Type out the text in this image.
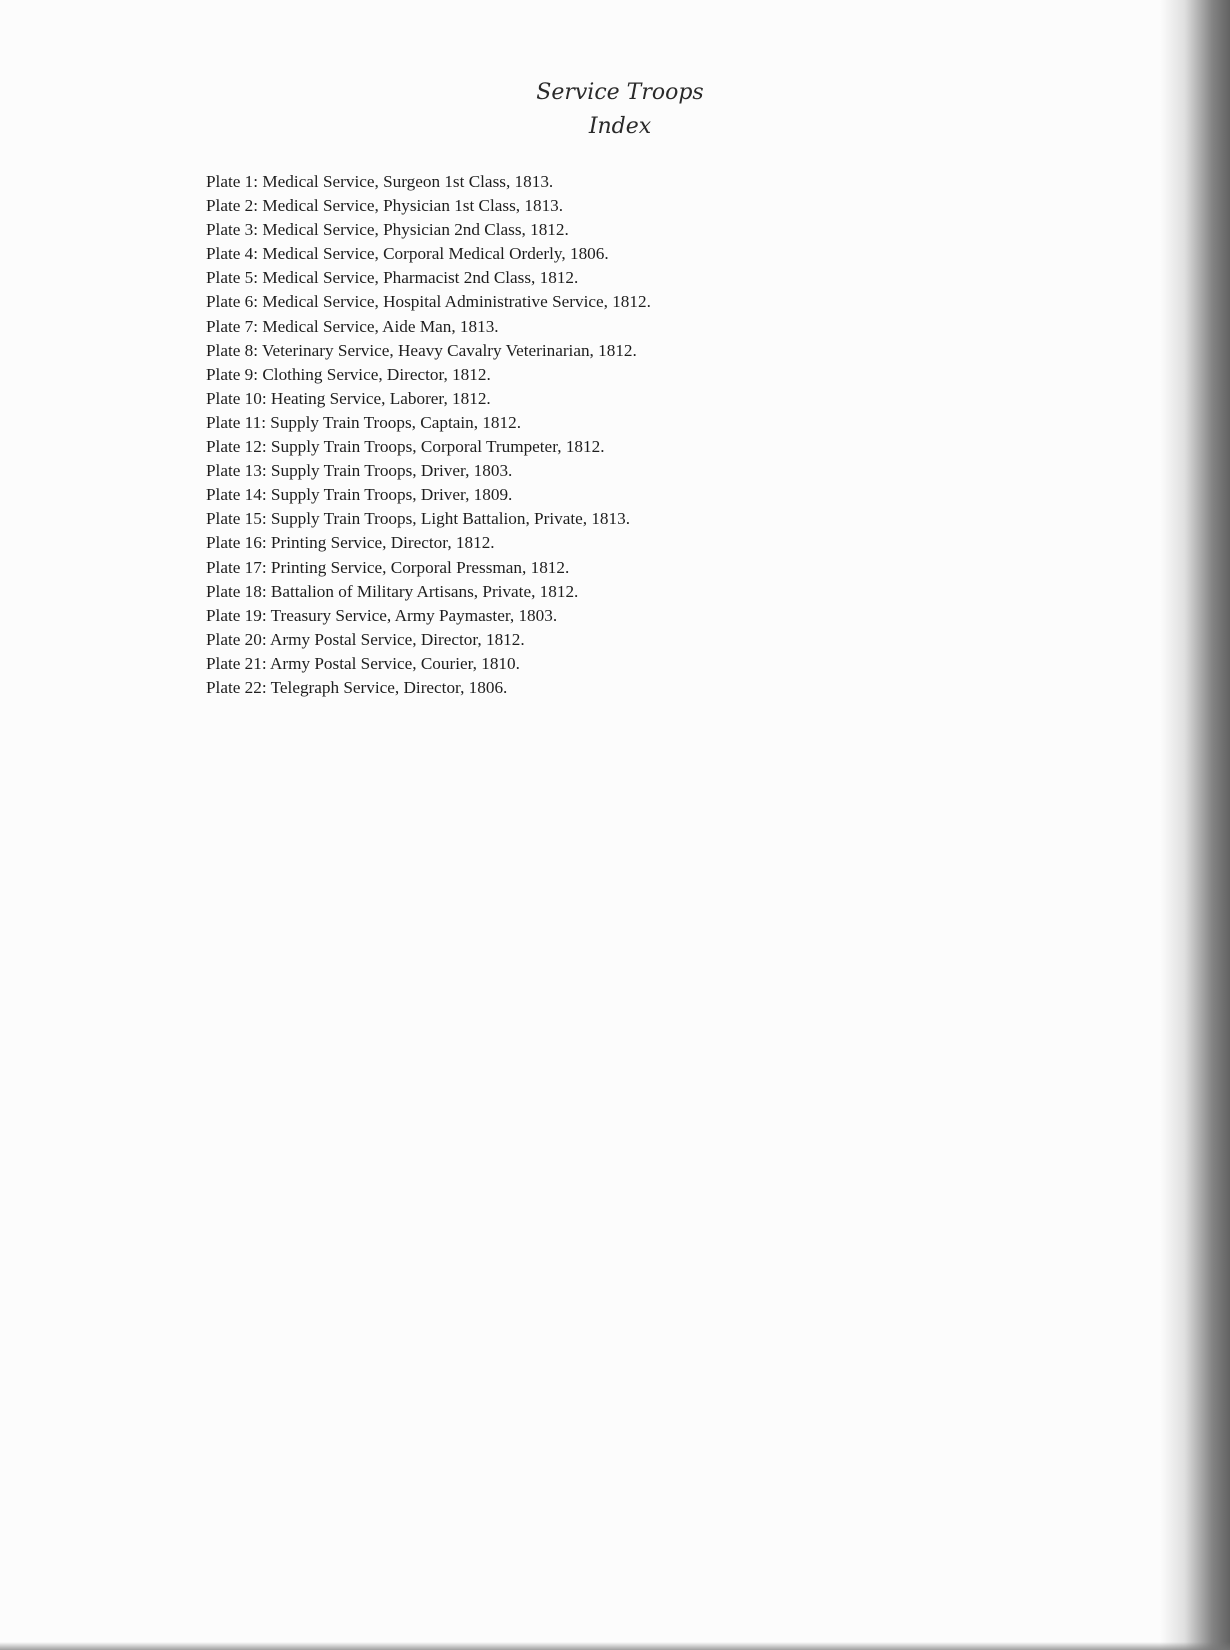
Service Troops
Index
Plate 1: Medical Service, Surgeon 1st Class, 1813.
Plate 2: Medical Service, Physician 1st Class, 1813.
Plate 3: Medical Service, Physician 2nd Class, 1812.
Plate 4: Medical Service, Corporal Medical Orderly, 1806.
Plate 5: Medical Service, Pharmacist 2nd Class, 1812.
Plate 6: Medical Service, Hospital Administrative Service, 1812.
Plate 7: Medical Service, Aide Man, 1813.
Plate 8: Veterinary Service, Heavy Cavalry Veterinarian, 1812.
Plate 9: Clothing Service, Director, 1812.
Plate 10: Heating Service, Laborer, 1812.
Plate 11: Supply Train Troops, Captain, 1812.
Plate 12: Supply Train Troops, Corporal Trumpeter, 1812.
Plate 13: Supply Train Troops, Driver, 1803.
Plate 14: Supply Train Troops, Driver, 1809.
Plate 15: Supply Train Troops, Light Battalion, Private, 1813.
Plate 16: Printing Service, Director, 1812.
Plate 17: Printing Service, Corporal Pressman, 1812.
Plate 18: Battalion of Military Artisans, Private, 1812.
Plate 19: Treasury Service, Army Paymaster, 1803.
Plate 20: Army Postal Service, Director, 1812.
Plate 21: Army Postal Service, Courier, 1810.
Plate 22: Telegraph Service, Director, 1806.
